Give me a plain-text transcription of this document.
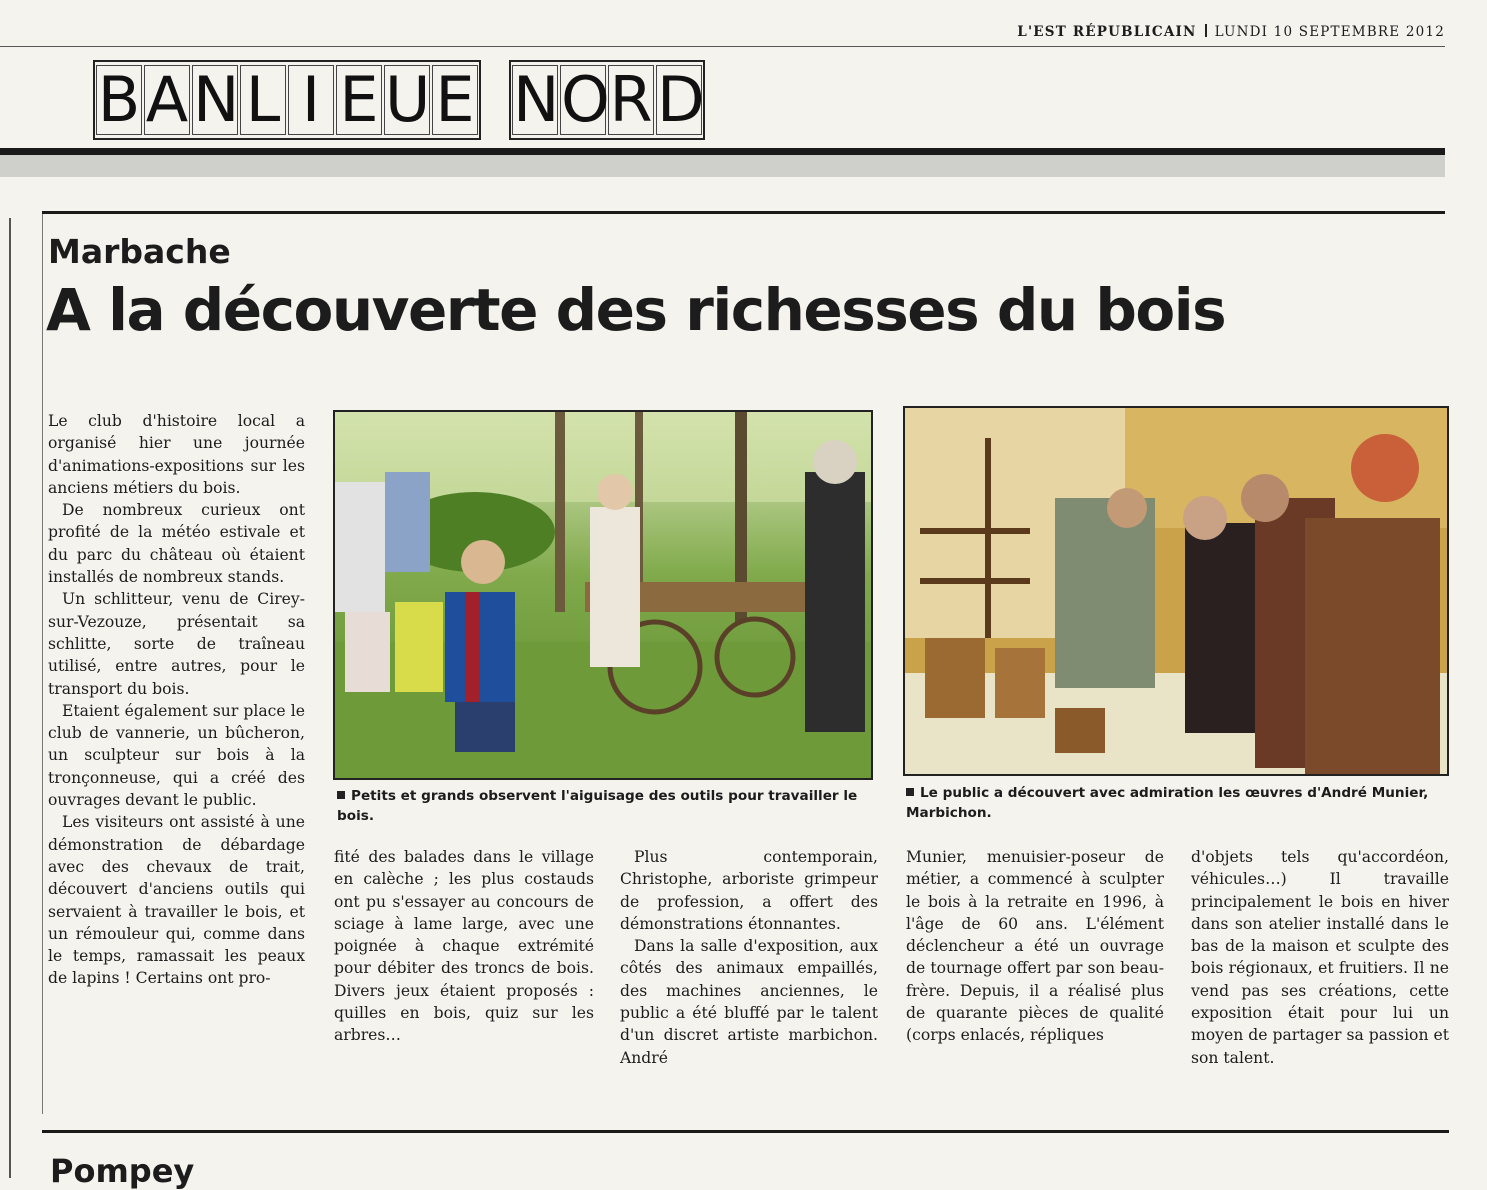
L'EST RÉPUBLICAIN LUNDI 10 SEPTEMBRE 2012
B A N L I E U E N O R D
Marbache
A la découverte des richesses du bois

Le club d'histoire local a organisé hier une journée d'animations-expositions sur les anciens métiers du bois.

De nombreux curieux ont profité de la météo estivale et du parc du château où étaient installés de nombreux stands.

Un schlitteur, venu de Cirey-sur-Vezouze, présentait sa schlitte, sorte de traîneau utilisé, entre autres, pour le transport du bois.

Etaient également sur place le club de vannerie, un bûcheron, un sculpteur sur bois à la tronçonneuse, qui a créé des ouvrages devant le public.

Les visiteurs ont assisté à une démonstration de débardage avec des chevaux de trait, découvert d'anciens outils qui servaient à travailler le bois, et un rémouleur qui, comme dans le temps, ramassait les peaux de lapins ! Certains ont pro-

Petits et grands observent l'aiguisage des outils pour travailler le bois.
Le public a découvert avec admiration les œuvres d'André Munier, Marbichon.

fité des balades dans le village en calèche ; les plus costauds ont pu s'essayer au concours de sciage à lame large, avec une poignée à chaque extrémité pour débiter des troncs de bois. Divers jeux étaient proposés : quilles en bois, quiz sur les arbres…

Plus contemporain, Christophe, arboriste grimpeur de profession, a offert des démonstrations étonnantes.

Dans la salle d'exposition, aux côtés des animaux empaillés, des machines anciennes, le public a été bluffé par le talent d'un discret artiste marbichon. André

Munier, menuisier-poseur de métier, a commencé à sculpter le bois à la retraite en 1996, à l'âge de 60 ans. L'élément déclencheur a été un ouvrage de tournage offert par son beau-frère. Depuis, il a réalisé plus de quarante pièces de qualité (corps enlacés, répliques

d'objets tels qu'accordéon, véhicules…) Il travaille principalement le bois en hiver dans son atelier installé dans le bas de la maison et sculpte des bois régionaux, et fruitiers. Il ne vend pas ses créations, cette exposition était pour lui un moyen de partager sa passion et son talent.

Pompey
